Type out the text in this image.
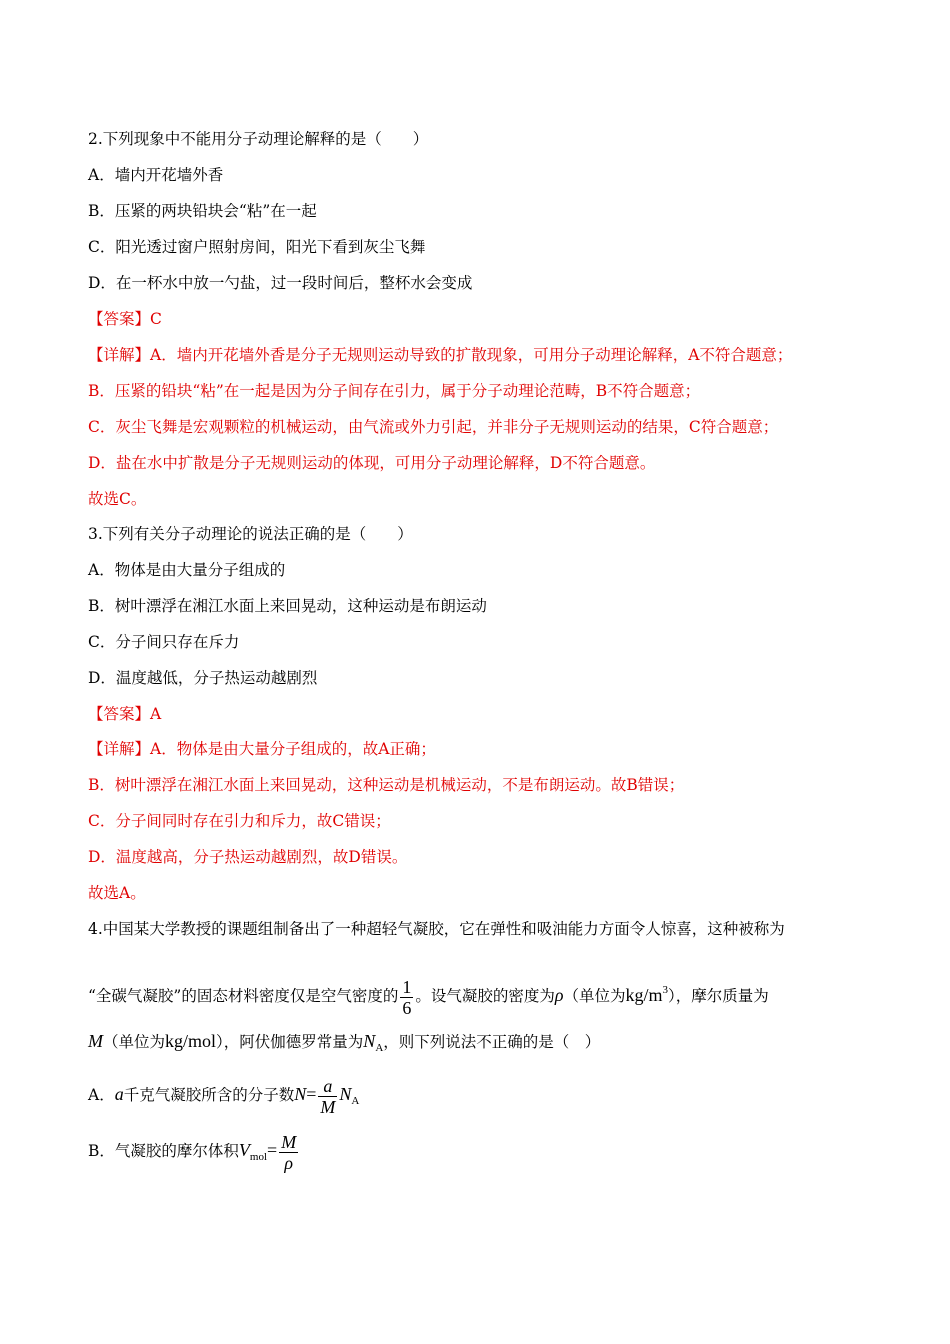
2.下列现象中不能用分子动理论解释的是（　　）
A．墙内开花墙外香
B．压紧的两块铅块会“粘”在一起
C．阳光透过窗户照射房间，阳光下看到灰尘飞舞
D．在一杯水中放一勺盐，过一段时间后，整杯水会变成
【答案】C
【详解】A．墙内开花墙外香是分子无规则运动导致的扩散现象，可用分子动理论解释，A不符合题意；
B．压紧的铅块“粘”在一起是因为分子间存在引力，属于分子动理论范畴，B不符合题意；
C．灰尘飞舞是宏观颗粒的机械运动，由气流或外力引起，并非分子无规则运动的结果，C符合题意；
D．盐在水中扩散是分子无规则运动的体现，可用分子动理论解释，D不符合题意。
故选C。
3.下列有关分子动理论的说法正确的是（　　）
A．物体是由大量分子组成的
B．树叶漂浮在湘江水面上来回晃动，这种运动是布朗运动
C．分子间只存在斥力
D．温度越低，分子热运动越剧烈
【答案】A
【详解】A．物体是由大量分子组成的，故A正确；
B．树叶漂浮在湘江水面上来回晃动，这种运动是机械运动，不是布朗运动。故B错误；
C．分子间同时存在引力和斥力，故C错误；
D．温度越高，分子热运动越剧烈，故D错误。
故选A。
4.中国某大学教授的课题组制备出了一种超轻气凝胶，它在弹性和吸油能力方面令人惊喜，这种被称为
“全碳气凝胶”的固态材料密度仅是空气密度的 $\frac{1}{6}$ 。设气凝胶的密度为ρ（单位为$kg/m^3$），摩尔质量为
M（单位为kg/mol），阿伏伽德罗常量为$N_A$，则下列说法不正确的是（　）
A．a千克气凝胶所含的分子数$N= \frac{a}{M} N_A$
B．气凝胶的摩尔体积$V_{mol}= \frac{M}{\rho}$
